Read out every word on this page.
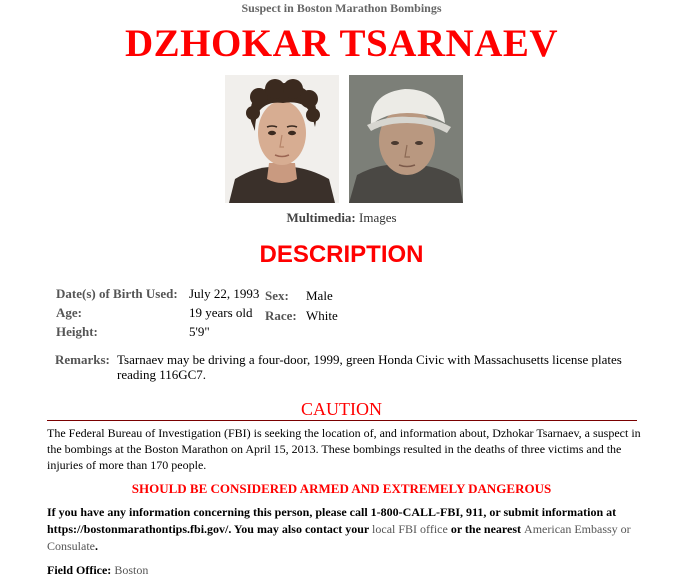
Suspect in Boston Marathon Bombings
DZHOKAR TSARNAEV
Multimedia: Images
DESCRIPTION
Date(s) of Birth Used: July 22, 1993
Age:	19 years old
Height:	5'9"
Sex: Male
Race: White
Remarks: Tsarnaev may be driving a four-door, 1999, green Honda Civic with Massachusetts license plates reading 116GC7.
CAUTION
The Federal Bureau of Investigation (FBI) is seeking the location of, and information about, Dzhokar Tsarnaev, a suspect in the bombings at the Boston Marathon on April 15, 2013. These bombings resulted in the deaths of three victims and the injuries of more than 170 people.
SHOULD BE CONSIDERED ARMED AND EXTREMELY DANGEROUS
If you have any information concerning this person, please call 1-800-CALL-FBI, 911, or submit information at https://bostonmarathontips.fbi.gov/. You may also contact your local FBI office or the nearest American Embassy or Consulate.
Field Office: Boston
